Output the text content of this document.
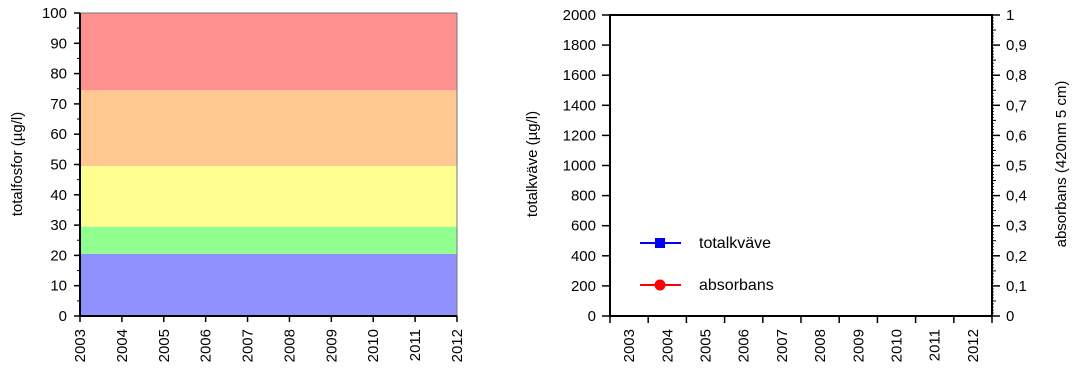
0
10
20
30
40
50
60
70
80
90
100
2003 2004 2005 2006 2007 2008 2009 2010 2011 2012
totalfosfor (µg/l)
0
200
400
600
800
1000
1200
1400
1600
1800
2000
0
0,1
0,2
0,3
0,4
0,5
0,6
0,7
0,8
0,9
1
2003 2004 2005 2006 2007 2008 2009 2010 2011 2012
totalkväve (µg/l)	absorbans (420nm 5 cm)
totalkväve
absorbans
